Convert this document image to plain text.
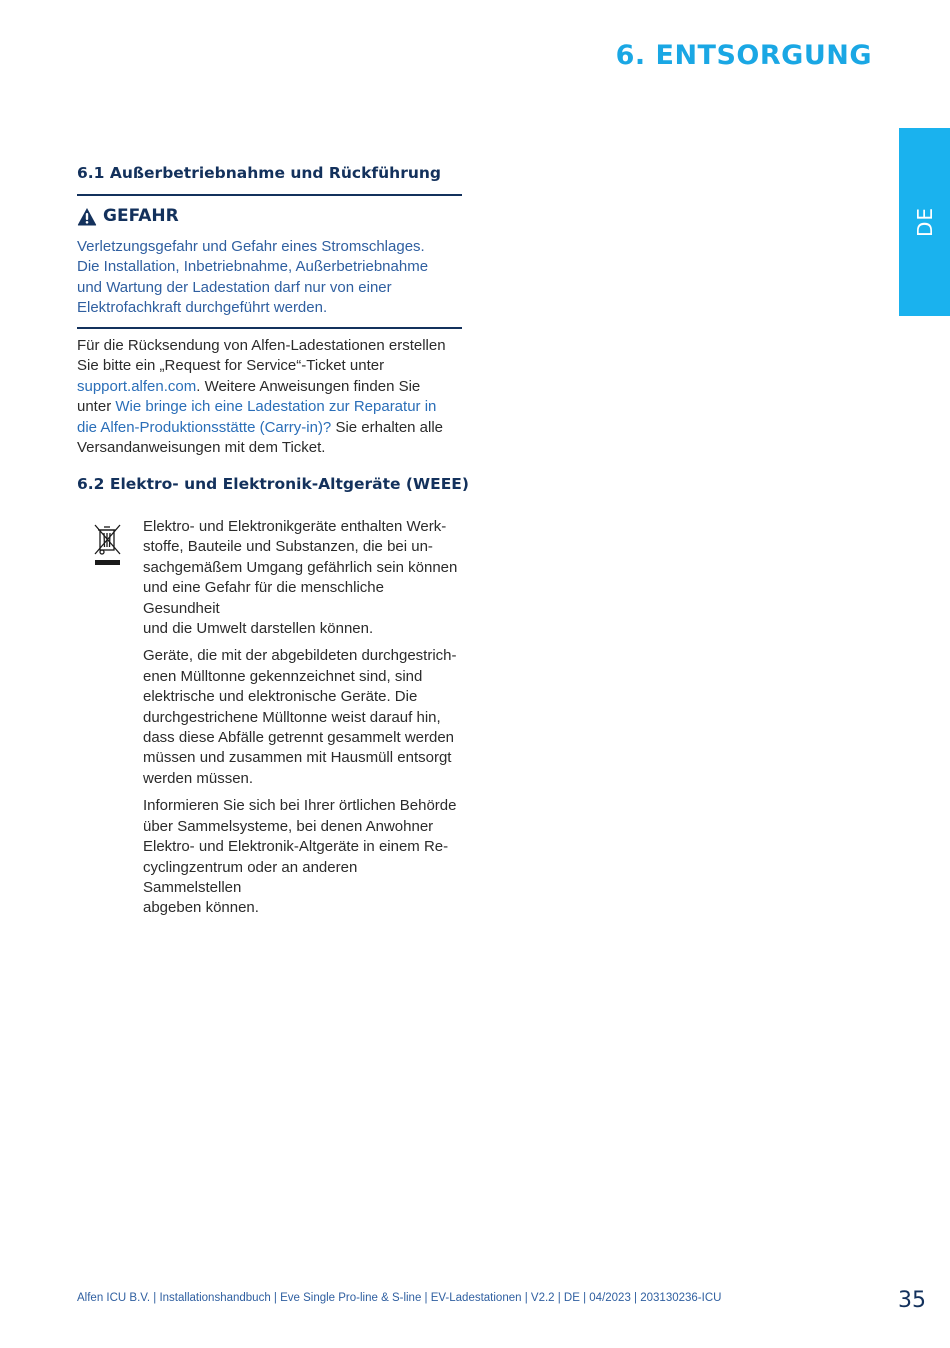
6. ENTSORGUNG
DE
6.1 Außerbetriebnahme und Rückführung
GEFAHR
Verletzungsgefahr und Gefahr eines Stromschlages.
Die Installation, Inbetriebnahme, Außerbetriebnahme
und Wartung der Ladestation darf nur von einer
Elektrofachkraft durchgeführt werden.
Für die Rücksendung von Alfen-Ladestationen erstellen
Sie bitte ein „Request for Service“-Ticket unter
support.alfen.com. Weitere Anweisungen finden Sie
unter Wie bringe ich eine Ladestation zur Reparatur in
die Alfen-Produktionsstätte (Carry-in)? Sie erhalten alle
Versandanweisungen mit dem Ticket.
6.2 Elektro- und Elektronik-Altgeräte (WEEE)
Elektro- und Elektronikgeräte enthalten Werk-
stoffe, Bauteile und Substanzen, die bei un-
sachgemäßem Umgang gefährlich sein können
und eine Gefahr für die menschliche Gesundheit
und die Umwelt darstellen können.
Geräte, die mit der abgebildeten durchgestrich-
enen Mülltonne gekennzeichnet sind, sind
elektrische und elektronische Geräte. Die
durchgestrichene Mülltonne weist darauf hin,
dass diese Abfälle getrennt gesammelt werden
müssen und zusammen mit Hausmüll entsorgt
werden müssen.
Informieren Sie sich bei Ihrer örtlichen Behörde
über Sammelsysteme, bei denen Anwohner
Elektro- und Elektronik-Altgeräte in einem Re-
cyclingzentrum oder an anderen Sammelstellen
abgeben können.
Alfen ICU B.V. | Installationshandbuch | Eve Single Pro-line & S-line | EV-Ladestationen | V2.2 | DE | 04/2023 | 203130236-ICU	35
